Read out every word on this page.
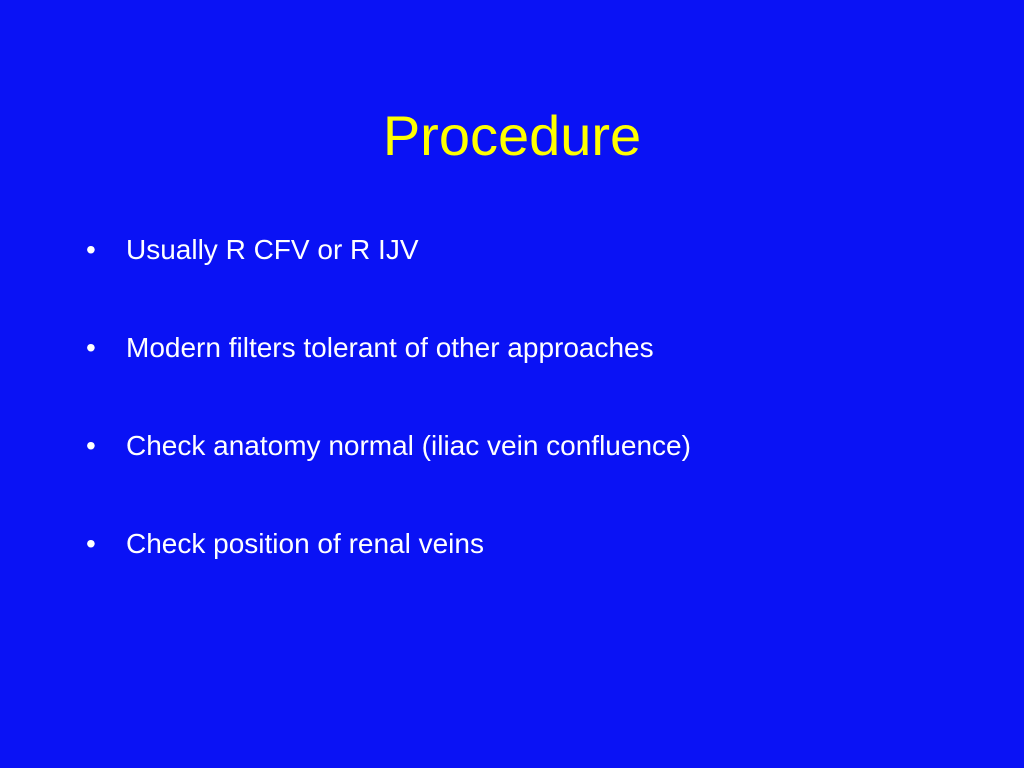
Procedure
•	Usually R CFV or R IJV
•	Modern filters tolerant of other approaches
•	Check anatomy normal (iliac vein confluence)
•	Check position of renal veins
